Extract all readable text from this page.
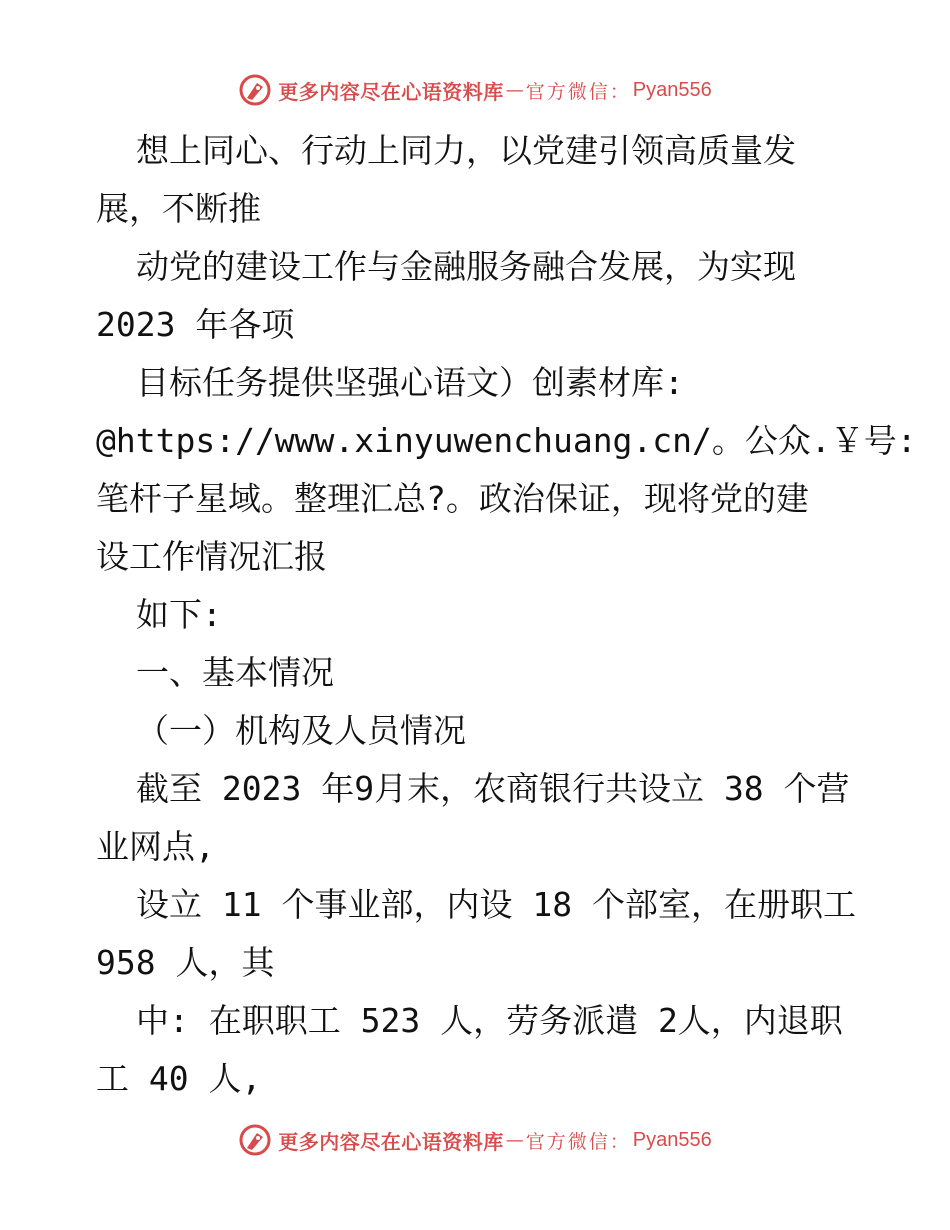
更多内容尽在心语资料库 — 官方微信： Pyan556
想上同心、行动上同力，以党建引领高质量发
展，不断推
动党的建设工作与金融服务融合发展，为实现
2023 年各项
目标任务提供坚强心语文）创素材库:
@https://www.xinyuwenchuang.cn/。公众.￥号:
笔杆子星域。整理汇总?。政治保证，现将党的建
设工作情况汇报
如下:
一、基本情况
（一）机构及人员情况
截至 2023 年9月末，农商银行共设立 38 个营
业网点,
设立 11 个事业部，内设 18 个部室，在册职工
958 人，其
中: 在职职工 523 人，劳务派遣 2人，内退职
工 40 人,
更多内容尽在心语资料库 — 官方微信： Pyan556
